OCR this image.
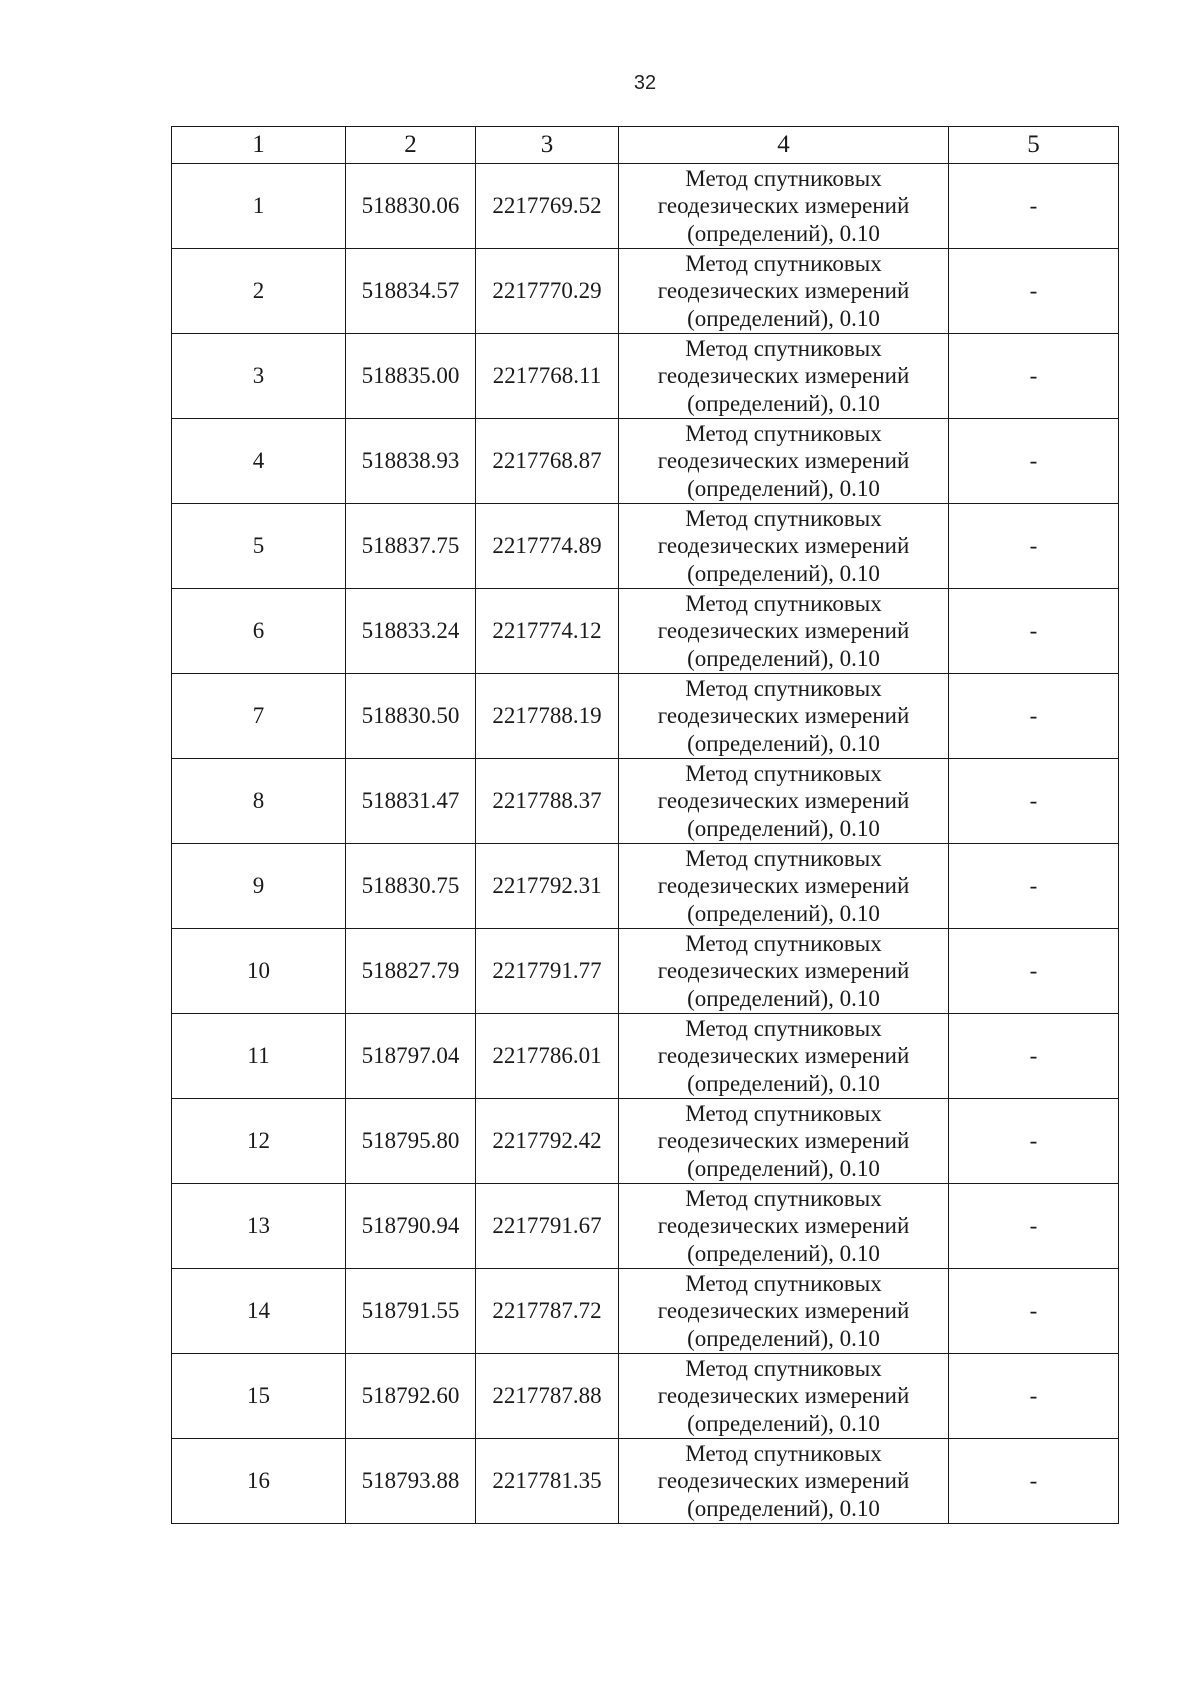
32
1	2	3	4	5
1	518830.06	2217769.52	Метод спутниковых
геодезических измерений
(определений), 0.10	-
2	518834.57	2217770.29	Метод спутниковых
геодезических измерений
(определений), 0.10	-
3	518835.00	2217768.11	Метод спутниковых
геодезических измерений
(определений), 0.10	-
4	518838.93	2217768.87	Метод спутниковых
геодезических измерений
(определений), 0.10	-
5	518837.75	2217774.89	Метод спутниковых
геодезических измерений
(определений), 0.10	-
6	518833.24	2217774.12	Метод спутниковых
геодезических измерений
(определений), 0.10	-
7	518830.50	2217788.19	Метод спутниковых
геодезических измерений
(определений), 0.10	-
8	518831.47	2217788.37	Метод спутниковых
геодезических измерений
(определений), 0.10	-
9	518830.75	2217792.31	Метод спутниковых
геодезических измерений
(определений), 0.10	-
10	518827.79	2217791.77	Метод спутниковых
геодезических измерений
(определений), 0.10	-
11	518797.04	2217786.01	Метод спутниковых
геодезических измерений
(определений), 0.10	-
12	518795.80	2217792.42	Метод спутниковых
геодезических измерений
(определений), 0.10	-
13	518790.94	2217791.67	Метод спутниковых
геодезических измерений
(определений), 0.10	-
14	518791.55	2217787.72	Метод спутниковых
геодезических измерений
(определений), 0.10	-
15	518792.60	2217787.88	Метод спутниковых
геодезических измерений
(определений), 0.10	-
16	518793.88	2217781.35	Метод спутниковых
геодезических измерений
(определений), 0.10	-
